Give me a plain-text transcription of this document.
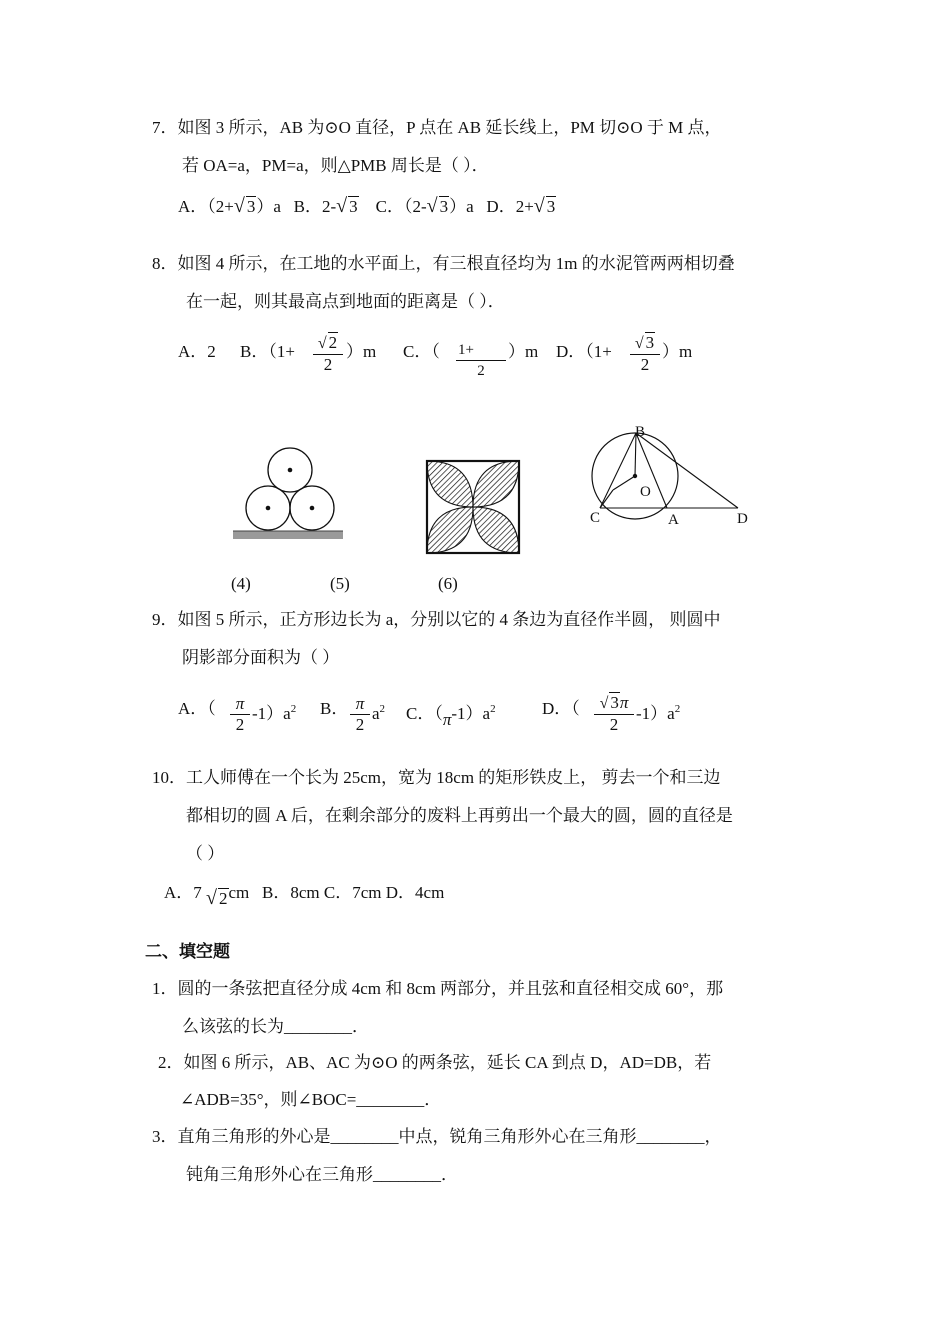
7．如图 3 所示，AB 为⊙O 直径，P 点在 AB 延长线上，PM 切⊙O 于 M 点，
若 OA=a，PM=a，则△PMB 周长是（ ）．
A．（2+√ 3）a B．2-√ 3 C．（2-√ 3）a D．2+√ 3
8．如图 4 所示，在工地的水平面上，有三根直径均为 1m 的水泥管两两相切叠
在一起，则其最高点到地面的距离是（ ）．
A．2 B．$(1+ \frac{√ 2}{2} )m$ C．（ $\frac{1+}{2} )m$ D．$(1+ \frac{√ 3}{2} )m$
B
O
C	A	D
(4)	(5)	(6)
9．如图 5 所示，正方形边长为 a，分别以它的 4 条边为直径作半圆， 则圆中
阴影部分面积为（ ）
A．（ $\frac{\pi}{2} -1)a^2$ B． $\frac{\pi}{2} a^2$ C．$(\pi-1)a^2$	D．（ $\frac{√ 3\pi}{2} -1)a^2$
10．工人师傅在一个长为 25cm，宽为 18cm 的矩形铁皮上， 剪去一个和三边
都相切的圆 A 后，在剩余部分的废料上再剪出一个最大的圆，圆的直径是
（ ）
A．7 √ 2cm B．8cm C．7cm D．4cm
二、填空题
1．圆的一条弦把直径分成 4cm 和 8cm 两部分，并且弦和直径相交成 60°，那
么该弦的长为________．
2．如图 6 所示，AB、AC 为⊙O 的两条弦，延长 CA 到点 D，AD=DB，若
∠ADB=35°，则∠BOC=________．
3．直角三角形的外心是________中点，锐角三角形外心在三角形________，
钝角三角形外心在三角形________．
